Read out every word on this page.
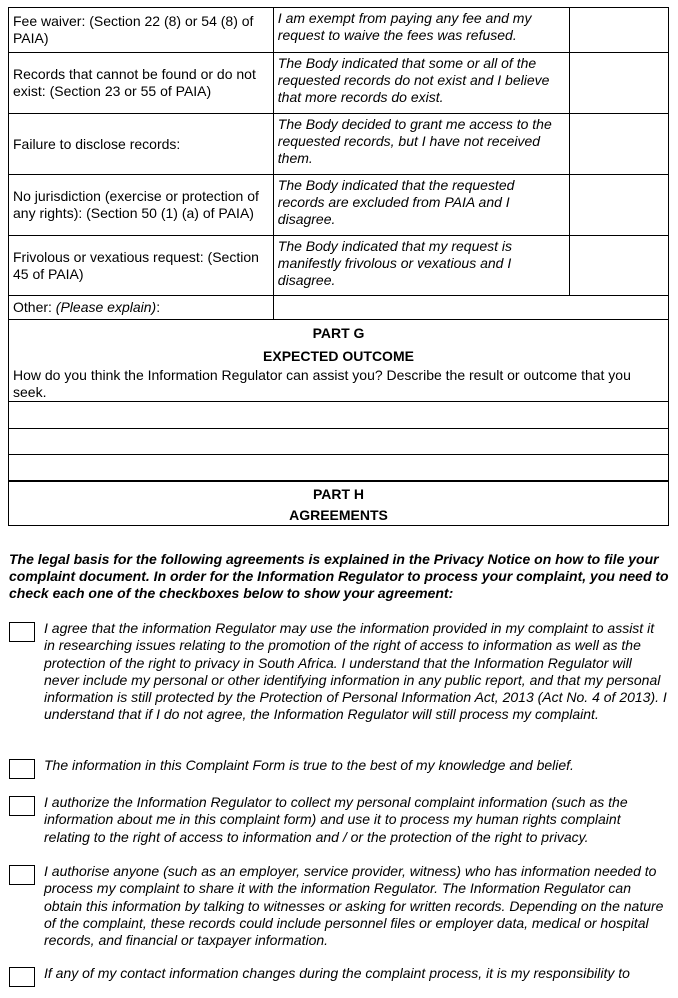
Fee waiver: (Section 22 (8) or 54 (8) of PAIA)	I am exempt from paying any fee and my request to waive the fees was refused.	
Records that cannot be found or do not exist: (Section 23 or 55 of PAIA)	The Body indicated that some or all of the requested records do not exist and I believe that more records do exist.	
Failure to disclose records:	The Body decided to grant me access to the requested records, but I have not received them.	
No jurisdiction (exercise or protection of any rights): (Section 50 (1) (a) of PAIA)	The Body indicated that the requested records are excluded from PAIA and I disagree.	
Frivolous or vexatious request: (Section 45 of PAIA)	The Body indicated that my request is manifestly frivolous or vexatious and I disagree.	
Other: (Please explain):		
PART G
EXPECTED OUTCOME
How do you think the Information Regulator can assist you? Describe the result or outcome that you seek.
PART H
AGREEMENTS
The legal basis for the following agreements is explained in the Privacy Notice on how to file your complaint document. In order for the Information Regulator to process your complaint, you need to check each one of the checkboxes below to show your agreement:
I agree that the information Regulator may use the information provided in my complaint to assist it in researching issues relating to the promotion of the right of access to information as well as the protection of the right to privacy in South Africa. I understand that the Information Regulator will never include my personal or other identifying information in any public report, and that my personal information is still protected by the Protection of Personal Information Act, 2013 (Act No. 4 of 2013). I understand that if I do not agree, the Information Regulator will still process my complaint.
The information in this Complaint Form is true to the best of my knowledge and belief.
I authorize the Information Regulator to collect my personal complaint information (such as the information about me in this complaint form) and use it to process my human rights complaint relating to the right of access to information and / or the protection of the right to privacy.
I authorise anyone (such as an employer, service provider, witness) who has information needed to process my complaint to share it with the information Regulator. The Information Regulator can obtain this information by talking to witnesses or asking for written records. Depending on the nature of the complaint, these records could include personnel files or employer data, medical or hospital records, and financial or taxpayer information.
If any of my contact information changes during the complaint process, it is my responsibility to
